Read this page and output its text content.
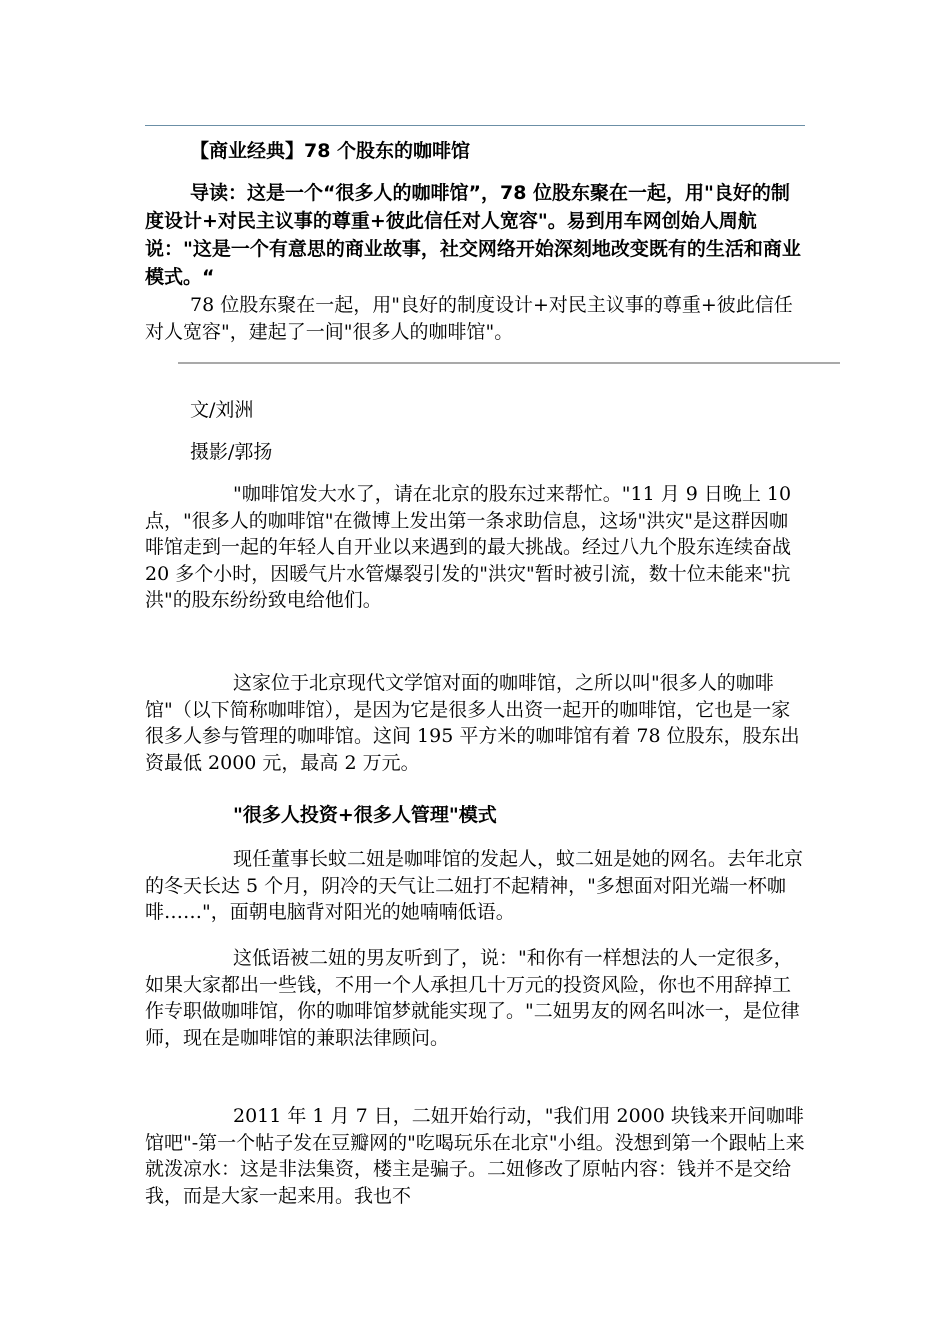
【商业经典】78 个股东的咖啡馆

导读：这是一个“很多人的咖啡馆”，78 位股东聚在一起，用"良好的制度设计+对民主议事的尊重+彼此信任对人宽容"。易到用车网创始人周航说："这是一个有意思的商业故事，社交网络开始深刻地改变既有的生活和商业模式。“

78 位股东聚在一起，用"良好的制度设计+对民主议事的尊重+彼此信任对人宽容"，建起了一间"很多人的咖啡馆"。

文/刘洲

摄影/郭扬

"咖啡馆发大水了，请在北京的股东过来帮忙。"11 月 9 日晚上 10 点，"很多人的咖啡馆"在微博上发出第一条求助信息，这场"洪灾"是这群因咖啡馆走到一起的年轻人自开业以来遇到的最大挑战。经过八九个股东连续奋战 20 多个小时，因暖气片水管爆裂引发的"洪灾"暂时被引流，数十位未能来"抗洪"的股东纷纷致电给他们。

这家位于北京现代文学馆对面的咖啡馆，之所以叫"很多人的咖啡馆"（以下简称咖啡馆），是因为它是很多人出资一起开的咖啡馆，它也是一家很多人参与管理的咖啡馆。这间 195 平方米的咖啡馆有着 78 位股东，股东出资最低 2000 元，最高 2 万元。

"很多人投资+很多人管理"模式

现任董事长蚊二妞是咖啡馆的发起人，蚊二妞是她的网名。去年北京的冬天长达 5 个月，阴冷的天气让二妞打不起精神，"多想面对阳光端一杯咖啡……"，面朝电脑背对阳光的她喃喃低语。

这低语被二妞的男友听到了，说："和你有一样想法的人一定很多，如果大家都出一些钱，不用一个人承担几十万元的投资风险，你也不用辞掉工作专职做咖啡馆，你的咖啡馆梦就能实现了。"二妞男友的网名叫冰一，是位律师，现在是咖啡馆的兼职法律顾问。

2011 年 1 月 7 日，二妞开始行动，"我们用 2000 块钱来开间咖啡馆吧"-第一个帖子发在豆瓣网的"吃喝玩乐在北京"小组。没想到第一个跟帖上来就泼凉水：这是非法集资，楼主是骗子。二妞修改了原帖内容：钱并不是交给我，而是大家一起来用。我也不
